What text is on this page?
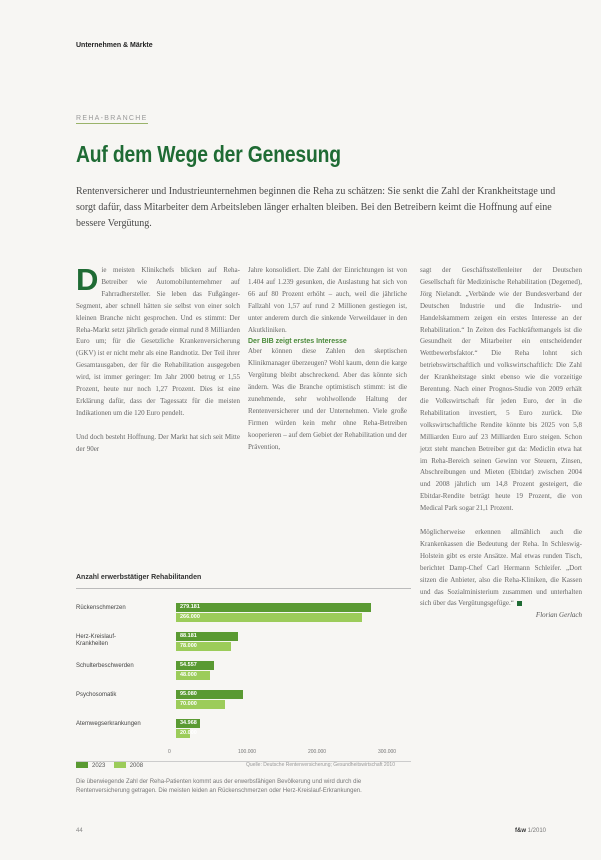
Unternehmen & Märkte
REHA-BRANCHE
Auf dem Wege der Genesung
Rentenversicherer und Industrieunternehmen beginnen die Reha zu schätzen: Sie senkt die Zahl der Krankheitstage und sorgt dafür, dass Mitarbeiter dem Arbeitsleben länger erhalten bleiben. Bei den Betreibern keimt die Hoffnung auf eine bessere Vergütung.

Die meisten Klinikchefs blicken auf Reha-Betreiber wie Automobilunternehmer auf Fahrradhersteller. Sie leben das Fußgänger-Segment, aber schnell hätten sie selbst von einer solch kleinen Branche nicht gesprochen. Und es stimmt: Der Reha-Markt setzt jährlich gerade einmal rund 8 Milliarden Euro um; für die Gesetzliche Krankenversicherung (GKV) ist er nicht mehr als eine Randnotiz. Der Teil ihrer Gesamtausgaben, der für die Rehabilitation ausgegeben wird, ist immer geringer: Im Jahr 2000 betrug er 1,55 Prozent, heute nur noch 1,27 Prozent. Dies ist eine Erklärung dafür, dass der Tagessatz für die meisten Indikationen um die 120 Euro pendelt.

Und doch besteht Hoffnung. Der Markt hat sich seit Mitte der 90er

Jahre konsolidiert. Die Zahl der Einrichtungen ist von 1.404 auf 1.239 gesunken, die Auslastung hat sich von 66 auf 80 Prozent erhöht – auch, weil die jährliche Fallzahl von 1,57 auf rund 2 Millionen gestiegen ist, unter anderem durch die sinkende Verweildauer in den Akutkliniken.

Der BIB zeigt erstes Interesse

Aber können diese Zahlen den skeptischen Klinikmanager überzeugen? Wohl kaum, denn die karge Vergütung bleibt abschreckend. Aber das könnte sich ändern. Was die Branche optimistisch stimmt: ist die zunehmende, sehr wohlwollende Haltung der Rentenversicherer und der Unternehmen. Viele große Firmen würden kein mehr ohne Reha-Betreiben kooperieren – auf dem Gebiet der Rehabilitation und der Prävention,

sagt der Geschäftsstellenleiter der Deutschen Gesellschaft für Medizinische Rehabilitation (Degemed), Jörg Nielandt. „Verbände wie der Bundesverband der Deutschen Industrie und die Industrie- und Handelskammern zeigen ein erstes Interesse an der Rehabilitation.“ In Zeiten des Fachkräftemangels ist die Gesundheit der Mitarbeiter ein entscheidender Wettbewerbsfaktor.“ Die Reha lohnt sich betriebswirtschaftlich und volkswirtschaftlich: Die Zahl der Krankheitstage sinkt ebenso wie die vorzeitige Berentung. Nach einer Prognos-Studie von 2009 erhält die Volkswirtschaft für jeden Euro, der in die Rehabilitation investiert, 5 Euro zurück. Die volkswirtschaftliche Rendite könnte bis 2025 von 5,8 Milliarden Euro auf 23 Milliarden Euro steigen. Schon jetzt steht manchen Betreiber gut da: Mediclin etwa hat im Reha-Bereich seinen Gewinn vor Steuern, Zinsen, Abschreibungen und Mieten (Ebitdar) zwischen 2004 und 2008 jährlich um 14,8 Prozent gesteigert, die Ebitdar-Rendite beträgt heute 19 Prozent, die von Medical Park sogar 21,1 Prozent.

Möglicherweise erkennen allmählich auch die Krankenkassen die Bedeutung der Reha. In Schleswig-Holstein gibt es erste Ansätze. Mal etwas runden Tisch, berichtet Damp-Chef Carl Hermann Schleifer. „Dort sitzen die Anbieter, also die Reha-Kliniken, die Kassen und das Sozialministerium zusammen und unterhalten sich über das Vergütungsgefüge.“

Florian Gerlach
Anzahl erwerbstätiger Rehabilitanden
Rückenschmerzen	279.181
266.000
Herz-Kreislauf-Krankheiten
88.181
78.000
Schulterbeschwerden	54.557
48.000
Psychosomatik	95.080
70.000
Atemwegserkrankungen	34.968
20.000
0	100.000	200.000	300.000
2023	2008	Quelle: Deutsche Rentenversicherung; Gesundheitswirtschaft 2010
Die überwiegende Zahl der Reha-Patienten kommt aus der erwerbsfähigen Bevölkerung und wird durch die Rentenversicherung getragen. Die meisten leiden an Rückenschmerzen oder Herz-Kreislauf-Erkrankungen.
44	f&w 1/2010
